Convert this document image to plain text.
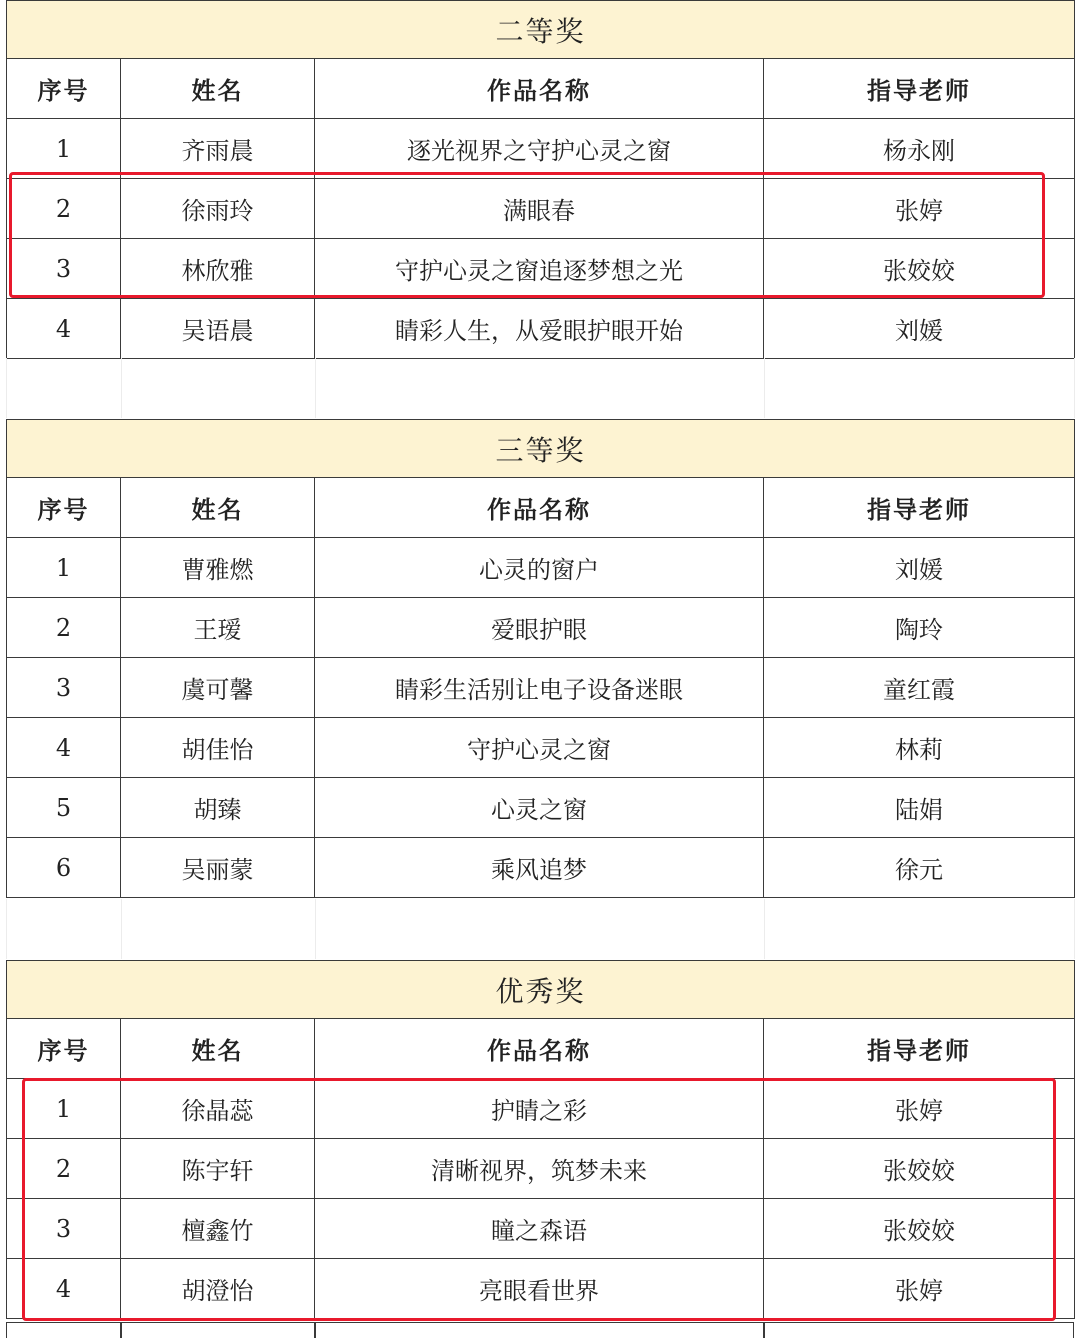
二等奖			
序号	姓名	作品名称	指导老师
1	齐雨晨	逐光视界之守护心灵之窗	杨永刚
2	徐雨玲	满眼春	张婷
3	林欣雅	守护心灵之窗追逐梦想之光	张姣姣
4	吴语晨	睛彩人生，从爱眼护眼开始	刘媛
三等奖			
序号	姓名	作品名称	指导老师
1	曹雅燃	心灵的窗户	刘媛
2	王瑷	爱眼护眼	陶玲
3	虞可馨	睛彩生活别让电子设备迷眼	童红霞
4	胡佳怡	守护心灵之窗	林莉
5	胡臻	心灵之窗	陆娟
6	吴丽蒙	乘风追梦	徐元
优秀奖			
序号	姓名	作品名称	指导老师
1	徐晶蕊	护睛之彩	张婷
2	陈宇轩	清晰视界，筑梦未来	张姣姣
3	檀鑫竹	瞳之森语	张姣姣
4	胡澄怡	亮眼看世界	张婷
